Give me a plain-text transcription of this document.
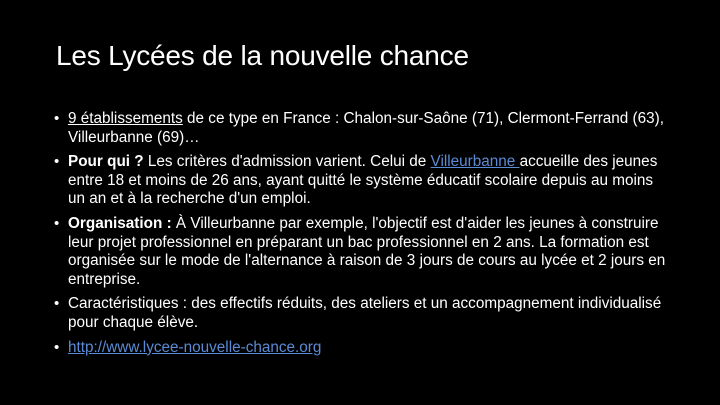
Les Lycées de la nouvelle chance
• 9 établissements de ce type en France : Chalon-sur-Saône (71), Clermont-Ferrand (63), Villeurbanne (69)…
• Pour qui ? Les critères d'admission varient. Celui de Villeurbanne accueille des jeunes entre 18 et moins de 26 ans, ayant quitté le système éducatif scolaire depuis au moins un an et à la recherche d'un emploi.
• Organisation : À Villeurbanne par exemple, l'objectif est d'aider les jeunes à construire leur projet professionnel en préparant un bac professionnel en 2 ans. La formation est organisée sur le mode de l'alternance à raison de 3 jours de cours au lycée et 2 jours en entreprise.
• Caractéristiques : des effectifs réduits, des ateliers et un accompagnement individualisé pour chaque élève.
• http://www.lycee-nouvelle-chance.org
